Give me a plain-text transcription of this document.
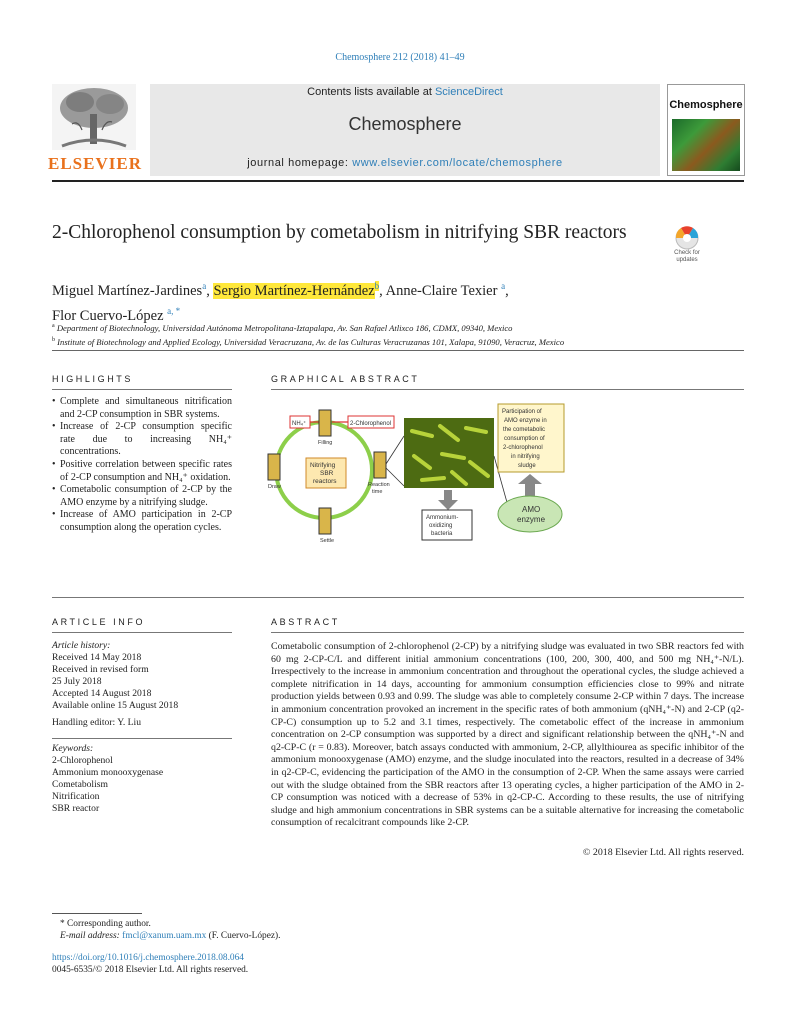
Chemosphere 212 (2018) 41–49
Contents lists available at ScienceDirect
Chemosphere
journal homepage: www.elsevier.com/locate/chemosphere
ELSEVIER
Chemosphere
2-Chlorophenol consumption by cometabolism in nitrifying SBR reactors
Check for updates
Miguel Martínez-Jardines$^a$, Sergio Martínez-Hernández$^b$, Anne-Claire Texier $^a$,
Flor Cuervo-López $^{a, *}$
$^a$ Department of Biotechnology, Universidad Autónoma Metropolitana-Iztapalapa, Av. San Rafael Atlixco 186, CDMX, 09340, Mexico
$^b$ Institute of Biotechnology and Applied Ecology, Universidad Veracruzana, Av. de las Culturas Veracruzanas 101, Xalapa, 91090, Veracruz, Mexico
HIGHLIGHTS
• Complete and simultaneous nitrification and 2-CP consumption in SBR systems.
• Increase of 2-CP consumption specific rate due to increasing NH₄⁺ concentrations.
• Positive correlation between specific rates of 2-CP consumption and NH₄⁺ oxidation.
• Cometabolic consumption of 2-CP by the AMO enzyme by a nitrifying sludge.
• Increase of AMO participation in 2-CP consumption along the operation cycles.
GRAPHICAL ABSTRACT
NH₄⁺	2-Chlorophenol
Filling
Draw	Reaction
time
Settle
Nitrifying
SBR
reactors
Ammonium-
oxidizing
bacteria
Participation of
AMO enzyme in
the cometabolic
consumption of
2-chlorophenol
in nitrifying
sludge
AMO
enzyme
ARTICLE INFO
Article history:
Received 14 May 2018
Received in revised form
25 July 2018
Accepted 14 August 2018
Available online 15 August 2018
Handling editor: Y. Liu
Keywords:
2-Chlorophenol
Ammonium monooxygenase
Cometabolism
Nitrification
SBR reactor
ABSTRACT
Cometabolic consumption of 2-chlorophenol (2-CP) by a nitrifying sludge was evaluated in two SBR reactors fed with 60 mg 2-CP-C/L and different initial ammonium concentrations (100, 200, 300, 400, and 500 mg NH₄⁺-N/L). Irrespectively to the increase in ammonium concentration and throughout the operational cycles, the sludge achieved a complete nitrification in 14 days, accounting for ammonium consumption efficiencies close to 99% and nitrate production yields between 0.93 and 0.99. The sludge was able to completely consume 2-CP within 7 days. The increase in ammonium concentration provoked an increment in the specific rates of both ammonium (qNH₄⁺-N) and 2-CP (q2-CP-C) consumption up to 5.2 and 3.1 times, respectively. The cometabolic effect of the increase in ammonium concentration on 2-CP consumption was supported by a direct and significant relationship between the qNH₄⁺-N and q2-CP-C (r = 0.83). Moreover, batch assays conducted with ammonium, 2-CP, allylthiourea as specific inhibitor of the ammonium monooxygenase (AMO) enzyme, and the sludge inoculated into the reactors, resulted in a decrease of 34% in q2-CP-C, evidencing the participation of the AMO in the consumption of 2-CP. When the same assays were carried out with the sludge obtained from the SBR reactors after 13 operating cycles, a higher participation of the AMO in 2-CP consumption was noticed with a decrease of 53% in q2-CP-C. According to these results, the use of nitrifying sludge and high ammonium concentrations in SBR systems can be a suitable alternative for increasing the cometabolic consumption of recalcitrant compounds like 2-CP.
© 2018 Elsevier Ltd. All rights reserved.
* Corresponding author.
E-mail address: fmcl@xanum.uam.mx (F. Cuervo-López).
https://doi.org/10.1016/j.chemosphere.2018.08.064
0045-6535/© 2018 Elsevier Ltd. All rights reserved.
